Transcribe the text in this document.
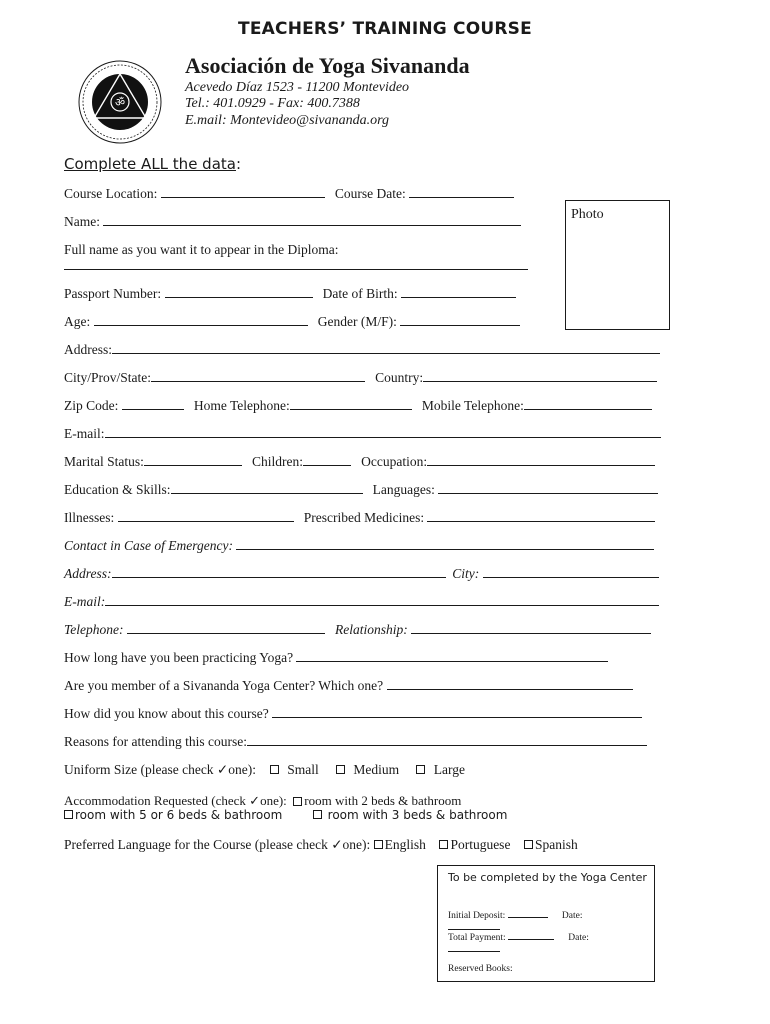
TEACHERS’ TRAINING COURSE
ॐ
Asociación de Yoga Sivananda
Acevedo Díaz 1523 - 11200 Montevideo
Tel.: 401.0929 - Fax: 400.7388
E.mail: Montevideo@sivananda.org
Complete ALL the data:
Photo
Course Location:	Course Date:
Name:
Full name as you want it to appear in the Diploma:
Passport Number:	Date of Birth:
Age:	Gender (M/F):
Address:
City/Prov/State:	Country:
Zip Code:	Home Telephone:	Mobile Telephone:
E-mail:
Marital Status:	Children:	Occupation:
Education & Skills:	Languages:
Illnesses:	Prescribed Medicines:
Contact in Case of Emergency:
Address:	City:
E-mail:
Telephone:	Relationship:
How long have you been practicing Yoga?
Are you member of a Sivananda Yoga Center? Which one?
How did you know about this course?
Reasons for attending this course:
Uniform Size (please check ✓one): Small	Medium	Large
Accommodation Requested (check ✓one): room with 2 beds & bathroom
room with 5 or 6 beds & bathroom	room with 3 beds & bathroom
Preferred Language for the Course (please check ✓one): English Portuguese Spanish
To be completed by the Yoga Center
Initial Deposit:	Date:
Total Payment:	Date:
Reserved Books:
